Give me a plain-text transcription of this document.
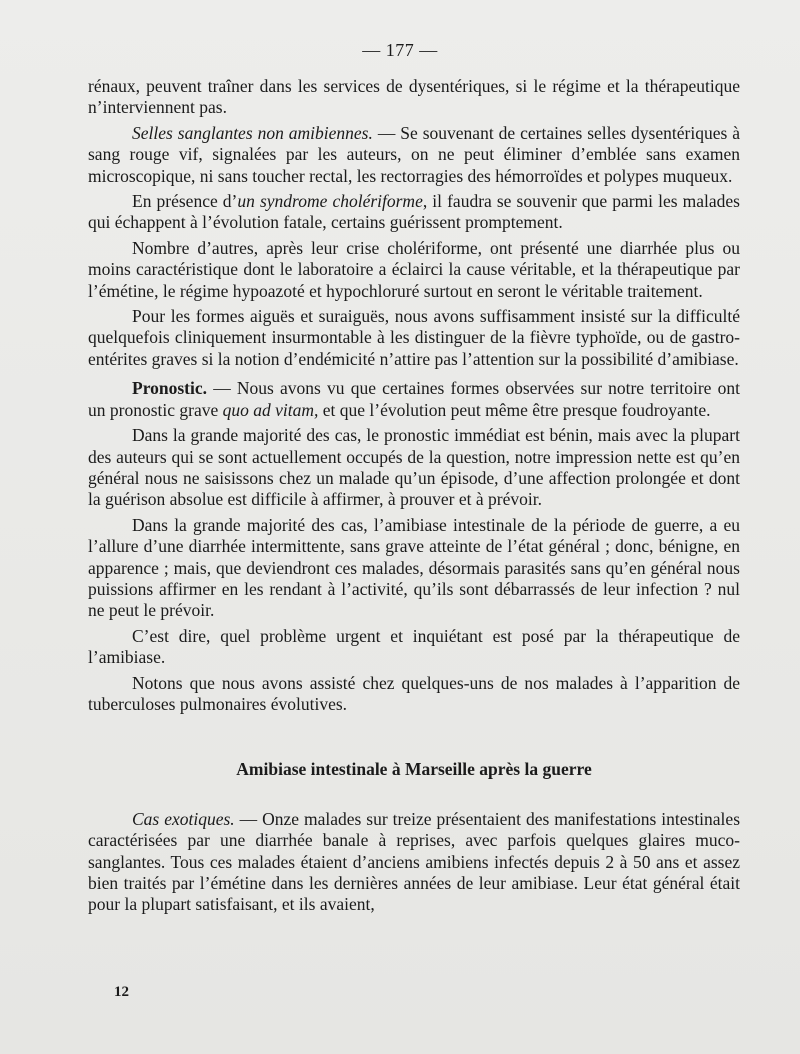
— 177 —

rénaux, peuvent traîner dans les services de dysentériques, si le régime et la thérapeutique n’interviennent pas.

Selles sanglantes non amibiennes. — Se souvenant de certaines selles dysentériques à sang rouge vif, signalées par les auteurs, on ne peut éliminer d’emblée sans examen microscopique, ni sans toucher rectal, les rectorragies des hémorroïdes et polypes muqueux.

En présence d’un syndrome cholériforme, il faudra se souvenir que parmi les malades qui échappent à l’évolution fatale, certains guérissent promptement.

Nombre d’autres, après leur crise cholériforme, ont présenté une diarrhée plus ou moins caractéristique dont le laboratoire a éclairci la cause véritable, et la thérapeutique par l’émétine, le régime hypoazoté et hypochloruré surtout en seront le véritable traitement.

Pour les formes aiguës et suraiguës, nous avons suffisamment insisté sur la difficulté quelquefois cliniquement insurmontable à les distinguer de la fièvre typhoïde, ou de gastro-entérites graves si la notion d’endémicité n’attire pas l’attention sur la possibilité d’amibiase.

Pronostic. — Nous avons vu que certaines formes observées sur notre territoire ont un pronostic grave quo ad vitam, et que l’évolution peut même être presque foudroyante.

Dans la grande majorité des cas, le pronostic immédiat est bénin, mais avec la plupart des auteurs qui se sont actuellement occupés de la question, notre impression nette est qu’en général nous ne saisissons chez un malade qu’un épisode, d’une affection prolongée et dont la guérison absolue est difficile à affirmer, à prouver et à prévoir.

Dans la grande majorité des cas, l’amibiase intestinale de la période de guerre, a eu l’allure d’une diarrhée intermittente, sans grave atteinte de l’état général ; donc, bénigne, en apparence ; mais, que deviendront ces malades, désormais parasités sans qu’en général nous puissions affirmer en les rendant à l’activité, qu’ils sont débarrassés de leur infection ? nul ne peut le prévoir.

C’est dire, quel problème urgent et inquiétant est posé par la thérapeutique de l’amibiase.

Notons que nous avons assisté chez quelques-uns de nos malades à l’apparition de tuberculoses pulmonaires évolutives.

Amibiase intestinale à Marseille après la guerre

Cas exotiques. — Onze malades sur treize présentaient des manifestations intestinales caractérisées par une diarrhée banale à reprises, avec parfois quelques glaires muco-sanglantes. Tous ces malades étaient d’anciens amibiens infectés depuis 2 à 50 ans et assez bien traités par l’émétine dans les dernières années de leur amibiase. Leur état général était pour la plupart satisfaisant, et ils avaient,

12
